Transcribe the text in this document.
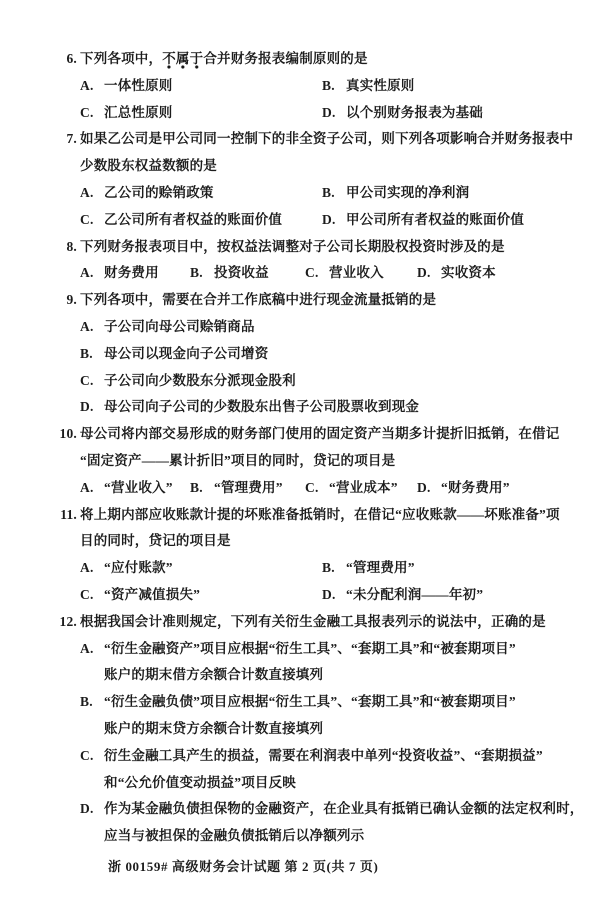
6. 下列各项中，不属于合并财务报表编制原则的是
A. 一体性原则	B. 真实性原则
C. 汇总性原则	D. 以个别财务报表为基础
7. 如果乙公司是甲公司同一控制下的非全资子公司，则下列各项影响合并财务报表中
少数股东权益数额的是
A. 乙公司的赊销政策	B. 甲公司实现的净利润
C. 乙公司所有者权益的账面价值	D. 甲公司所有者权益的账面价值
8. 下列财务报表项目中，按权益法调整对子公司长期股权投资时涉及的是
A. 财务费用	B. 投资收益	C. 营业收入	D. 实收资本
9. 下列各项中，需要在合并工作底稿中进行现金流量抵销的是
A. 子公司向母公司赊销商品
B. 母公司以现金向子公司增资
C. 子公司向少数股东分派现金股利
D. 母公司向子公司的少数股东出售子公司股票收到现金
10. 母公司将内部交易形成的财务部门使用的固定资产当期多计提折旧抵销，在借记
“固定资产——累计折旧”项目的同时，贷记的项目是
A. “营业收入”	B. “管理费用”	C. “营业成本”	D. “财务费用”
11. 将上期内部应收账款计提的坏账准备抵销时，在借记“应收账款——坏账准备”项
目的同时，贷记的项目是
A. “应付账款”	B. “管理费用”
C. “资产减值损失”	D. “未分配利润——年初”
12. 根据我国会计准则规定，下列有关衍生金融工具报表列示的说法中，正确的是
A. “衍生金融资产”项目应根据“衍生工具”、“套期工具”和“被套期项目”
账户的期末借方余额合计数直接填列
B. “衍生金融负债”项目应根据“衍生工具”、“套期工具”和“被套期项目”
账户的期末贷方余额合计数直接填列
C. 衍生金融工具产生的损益，需要在利润表中单列“投资收益”、“套期损益”
和“公允价值变动损益”项目反映
D. 作为某金融负债担保物的金融资产，在企业具有抵销已确认金额的法定权利时，
应当与被担保的金融负债抵销后以净额列示
浙 00159# 高级财务会计试题 第 2 页(共 7 页)
